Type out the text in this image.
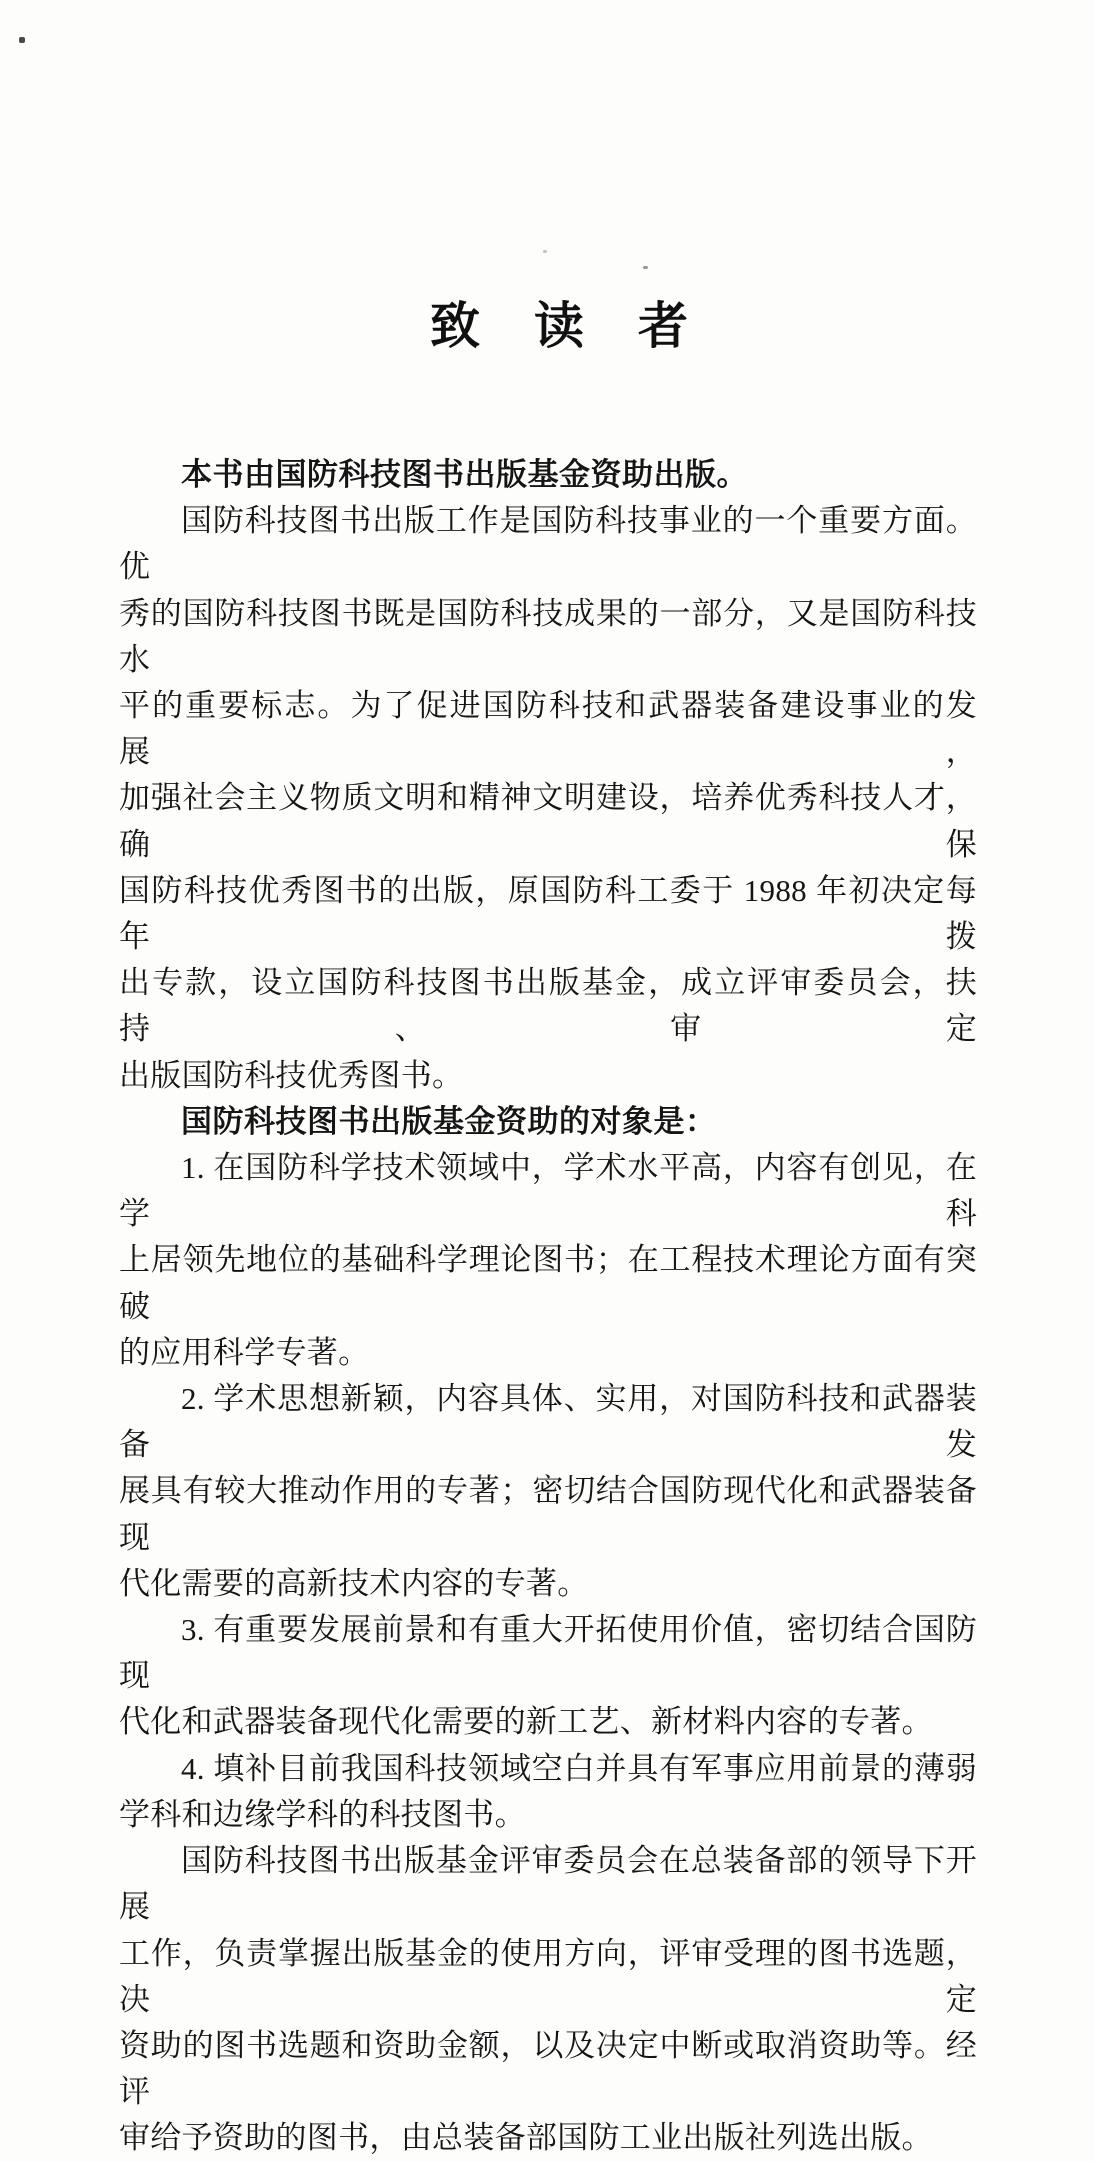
致　读　者
本书由国防科技图书出版基金资助出版。
国防科技图书出版工作是国防科技事业的一个重要方面。优
秀的国防科技图书既是国防科技成果的一部分，又是国防科技水
平的重要标志。为了促进国防科技和武器装备建设事业的发展，
加强社会主义物质文明和精神文明建设，培养优秀科技人才，确保
国防科技优秀图书的出版，原国防科工委于 1988 年初决定每年拨
出专款，设立国防科技图书出版基金，成立评审委员会，扶持、审定
出版国防科技优秀图书。
国防科技图书出版基金资助的对象是：
1. 在国防科学技术领域中，学术水平高，内容有创见，在学科
上居领先地位的基础科学理论图书；在工程技术理论方面有突破
的应用科学专著。
2. 学术思想新颖，内容具体、实用，对国防科技和武器装备发
展具有较大推动作用的专著；密切结合国防现代化和武器装备现
代化需要的高新技术内容的专著。
3. 有重要发展前景和有重大开拓使用价值，密切结合国防现
代化和武器装备现代化需要的新工艺、新材料内容的专著。
4. 填补目前我国科技领域空白并具有军事应用前景的薄弱
学科和边缘学科的科技图书。
国防科技图书出版基金评审委员会在总装备部的领导下开展
工作，负责掌握出版基金的使用方向，评审受理的图书选题，决定
资助的图书选题和资助金额，以及决定中断或取消资助等。经评
审给予资助的图书，由总装备部国防工业出版社列选出版。
